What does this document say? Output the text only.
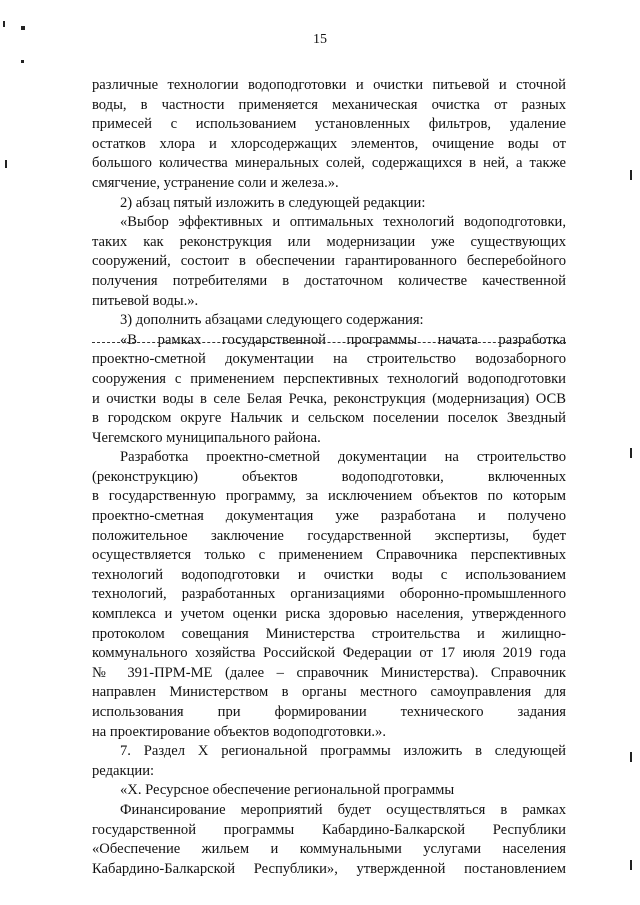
15
различные технологии водоподготовки и очистки питьевой и сточной
воды, в частности применяется механическая очистка от разных
примесей с использованием установленных фильтров, удаление
остатков хлора и хлорсодержащих элементов, очищение воды от
большого количества минеральных солей, содержащихся в ней, а также
смягчение, устранение соли и железа.».
2) абзац пятый изложить в следующей редакции:
«Выбор эффективных и оптимальных технологий водоподготовки,
таких как реконструкция или модернизации уже существующих
сооружений, состоит в обеспечении гарантированного бесперебойного
получения потребителями в достаточном количестве качественной
питьевой воды.».
3) дополнить абзацами следующего содержания:
«В рамках государственной программы начата разработка
проектно-сметной документации на строительство водозаборного
сооружения с применением перспективных технологий водоподготовки
и очистки воды в селе Белая Речка, реконструкция (модернизация) ОСВ
в городском округе Нальчик и сельском поселении поселок Звездный
Чегемского муниципального района.
Разработка проектно-сметной документации на строительство
(реконструкцию) объектов водоподготовки, включенных
в государственную программу, за исключением объектов по которым
проектно-сметная документация уже разработана и получено
положительное заключение государственной экспертизы, будет
осуществляется только с применением Справочника перспективных
технологий водоподготовки и очистки воды с использованием
технологий, разработанных организациями оборонно-промышленного
комплекса и учетом оценки риска здоровью населения, утвержденного
протоколом совещания Министерства строительства и жилищно-
коммунального хозяйства Российской Федерации от 17 июля 2019 года
№ 391-ПРМ-МЕ (далее – справочник Министерства). Справочник
направлен Министерством в органы местного самоуправления для
использования при формировании технического задания
на проектирование объектов водоподготовки.».
7. Раздел X региональной программы изложить в следующей
редакции:
«X. Ресурсное обеспечение региональной программы
Финансирование мероприятий будет осуществляться в рамках
государственной программы Кабардино-Балкарской Республики
«Обеспечение жильем и коммунальными услугами населения
Кабардино-Балкарской Республики», утвержденной постановлением
